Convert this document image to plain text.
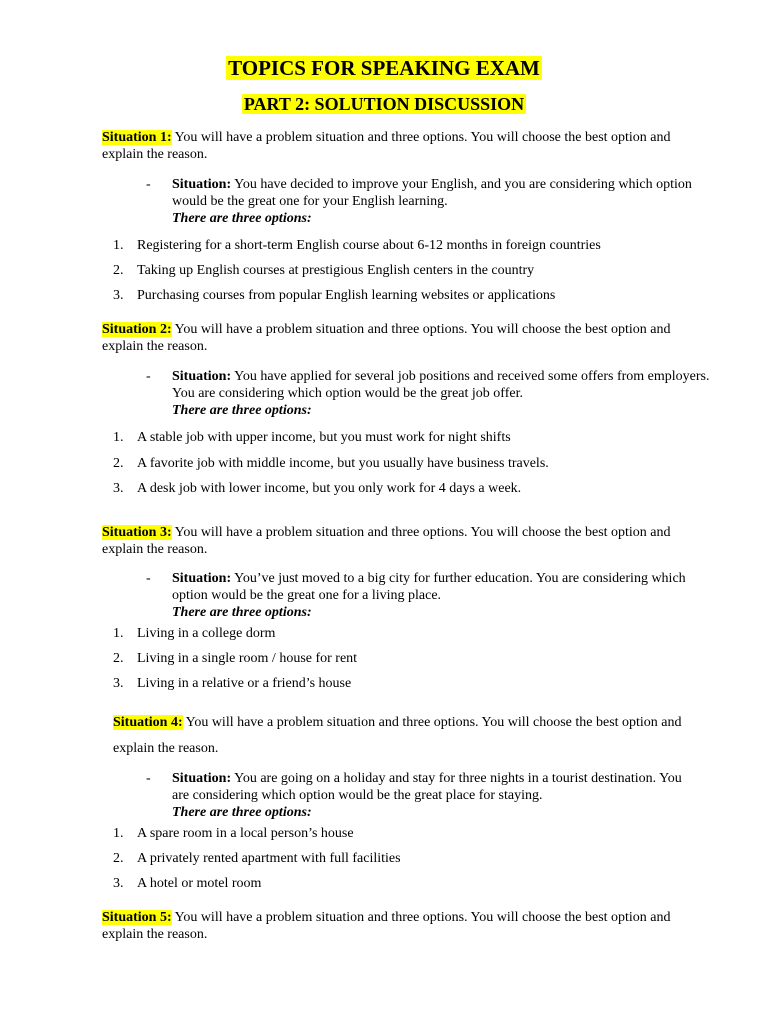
TOPICS FOR SPEAKING EXAM
PART 2: SOLUTION DISCUSSION
Situation 1: You will have a problem situation and three options. You will choose the best option and explain the reason.
- Situation: You have decided to improve your English, and you are considering which option would be the great one for your English learning.
There are three options:
1. Registering for a short-term English course about 6-12 months in foreign countries
2. Taking up English courses at prestigious English centers in the country
3. Purchasing courses from popular English learning websites or applications
Situation 2: You will have a problem situation and three options. You will choose the best option and explain the reason.
- Situation: You have applied for several job positions and received some offers from employers. You are considering which option would be the great job offer.
There are three options:
1. A stable job with upper income, but you must work for night shifts
2. A favorite job with middle income, but you usually have business travels.
3. A desk job with lower income, but you only work for 4 days a week.
Situation 3: You will have a problem situation and three options. You will choose the best option and explain the reason.
- Situation: You’ve just moved to a big city for further education. You are considering which option would be the great one for a living place.
There are three options:
1. Living in a college dorm
2. Living in a single room / house for rent
3. Living in a relative or a friend’s house
Situation 4: You will have a problem situation and three options. You will choose the best option and explain the reason.
- Situation: You are going on a holiday and stay for three nights in a tourist destination. You are considering which option would be the great place for staying.
There are three options:
1. A spare room in a local person’s house
2. A privately rented apartment with full facilities
3. A hotel or motel room
Situation 5: You will have a problem situation and three options. You will choose the best option and explain the reason.
